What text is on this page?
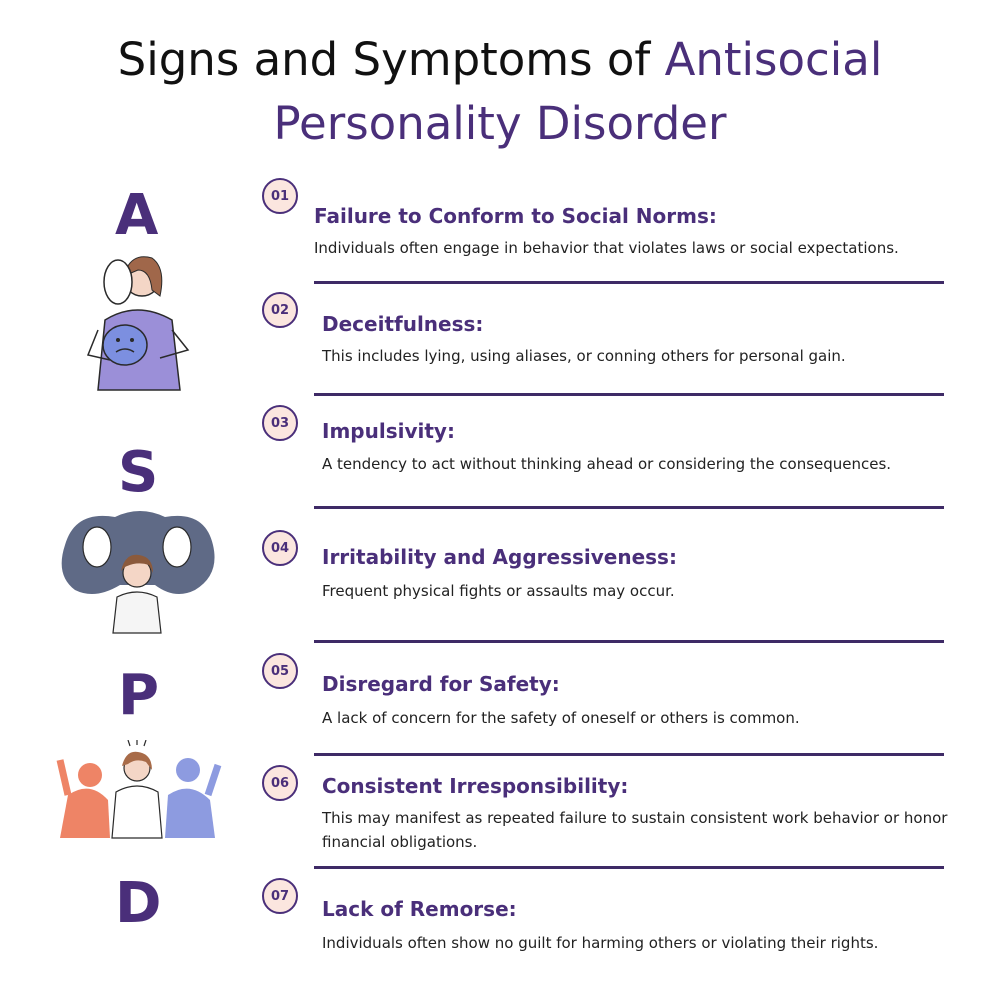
Signs and Symptoms of Antisocial
Personality Disorder
A
S
P
D
01
Failure to Conform to Social Norms:
Individuals often engage in behavior that violates laws or social expectations.
02
Deceitfulness:
This includes lying, using aliases, or conning others for personal gain.
03	Impulsivity:
A tendency to act without thinking ahead or considering the consequences.
04	Irritability and Aggressiveness:
Frequent physical fights or assaults may occur.
05
Disregard for Safety:
A lack of concern for the safety of oneself or others is common.
06	Consistent Irresponsibility:
This may manifest as repeated failure to sustain consistent work behavior or honor financial obligations.
07
Lack of Remorse:
Individuals often show no guilt for harming others or violating their rights.
